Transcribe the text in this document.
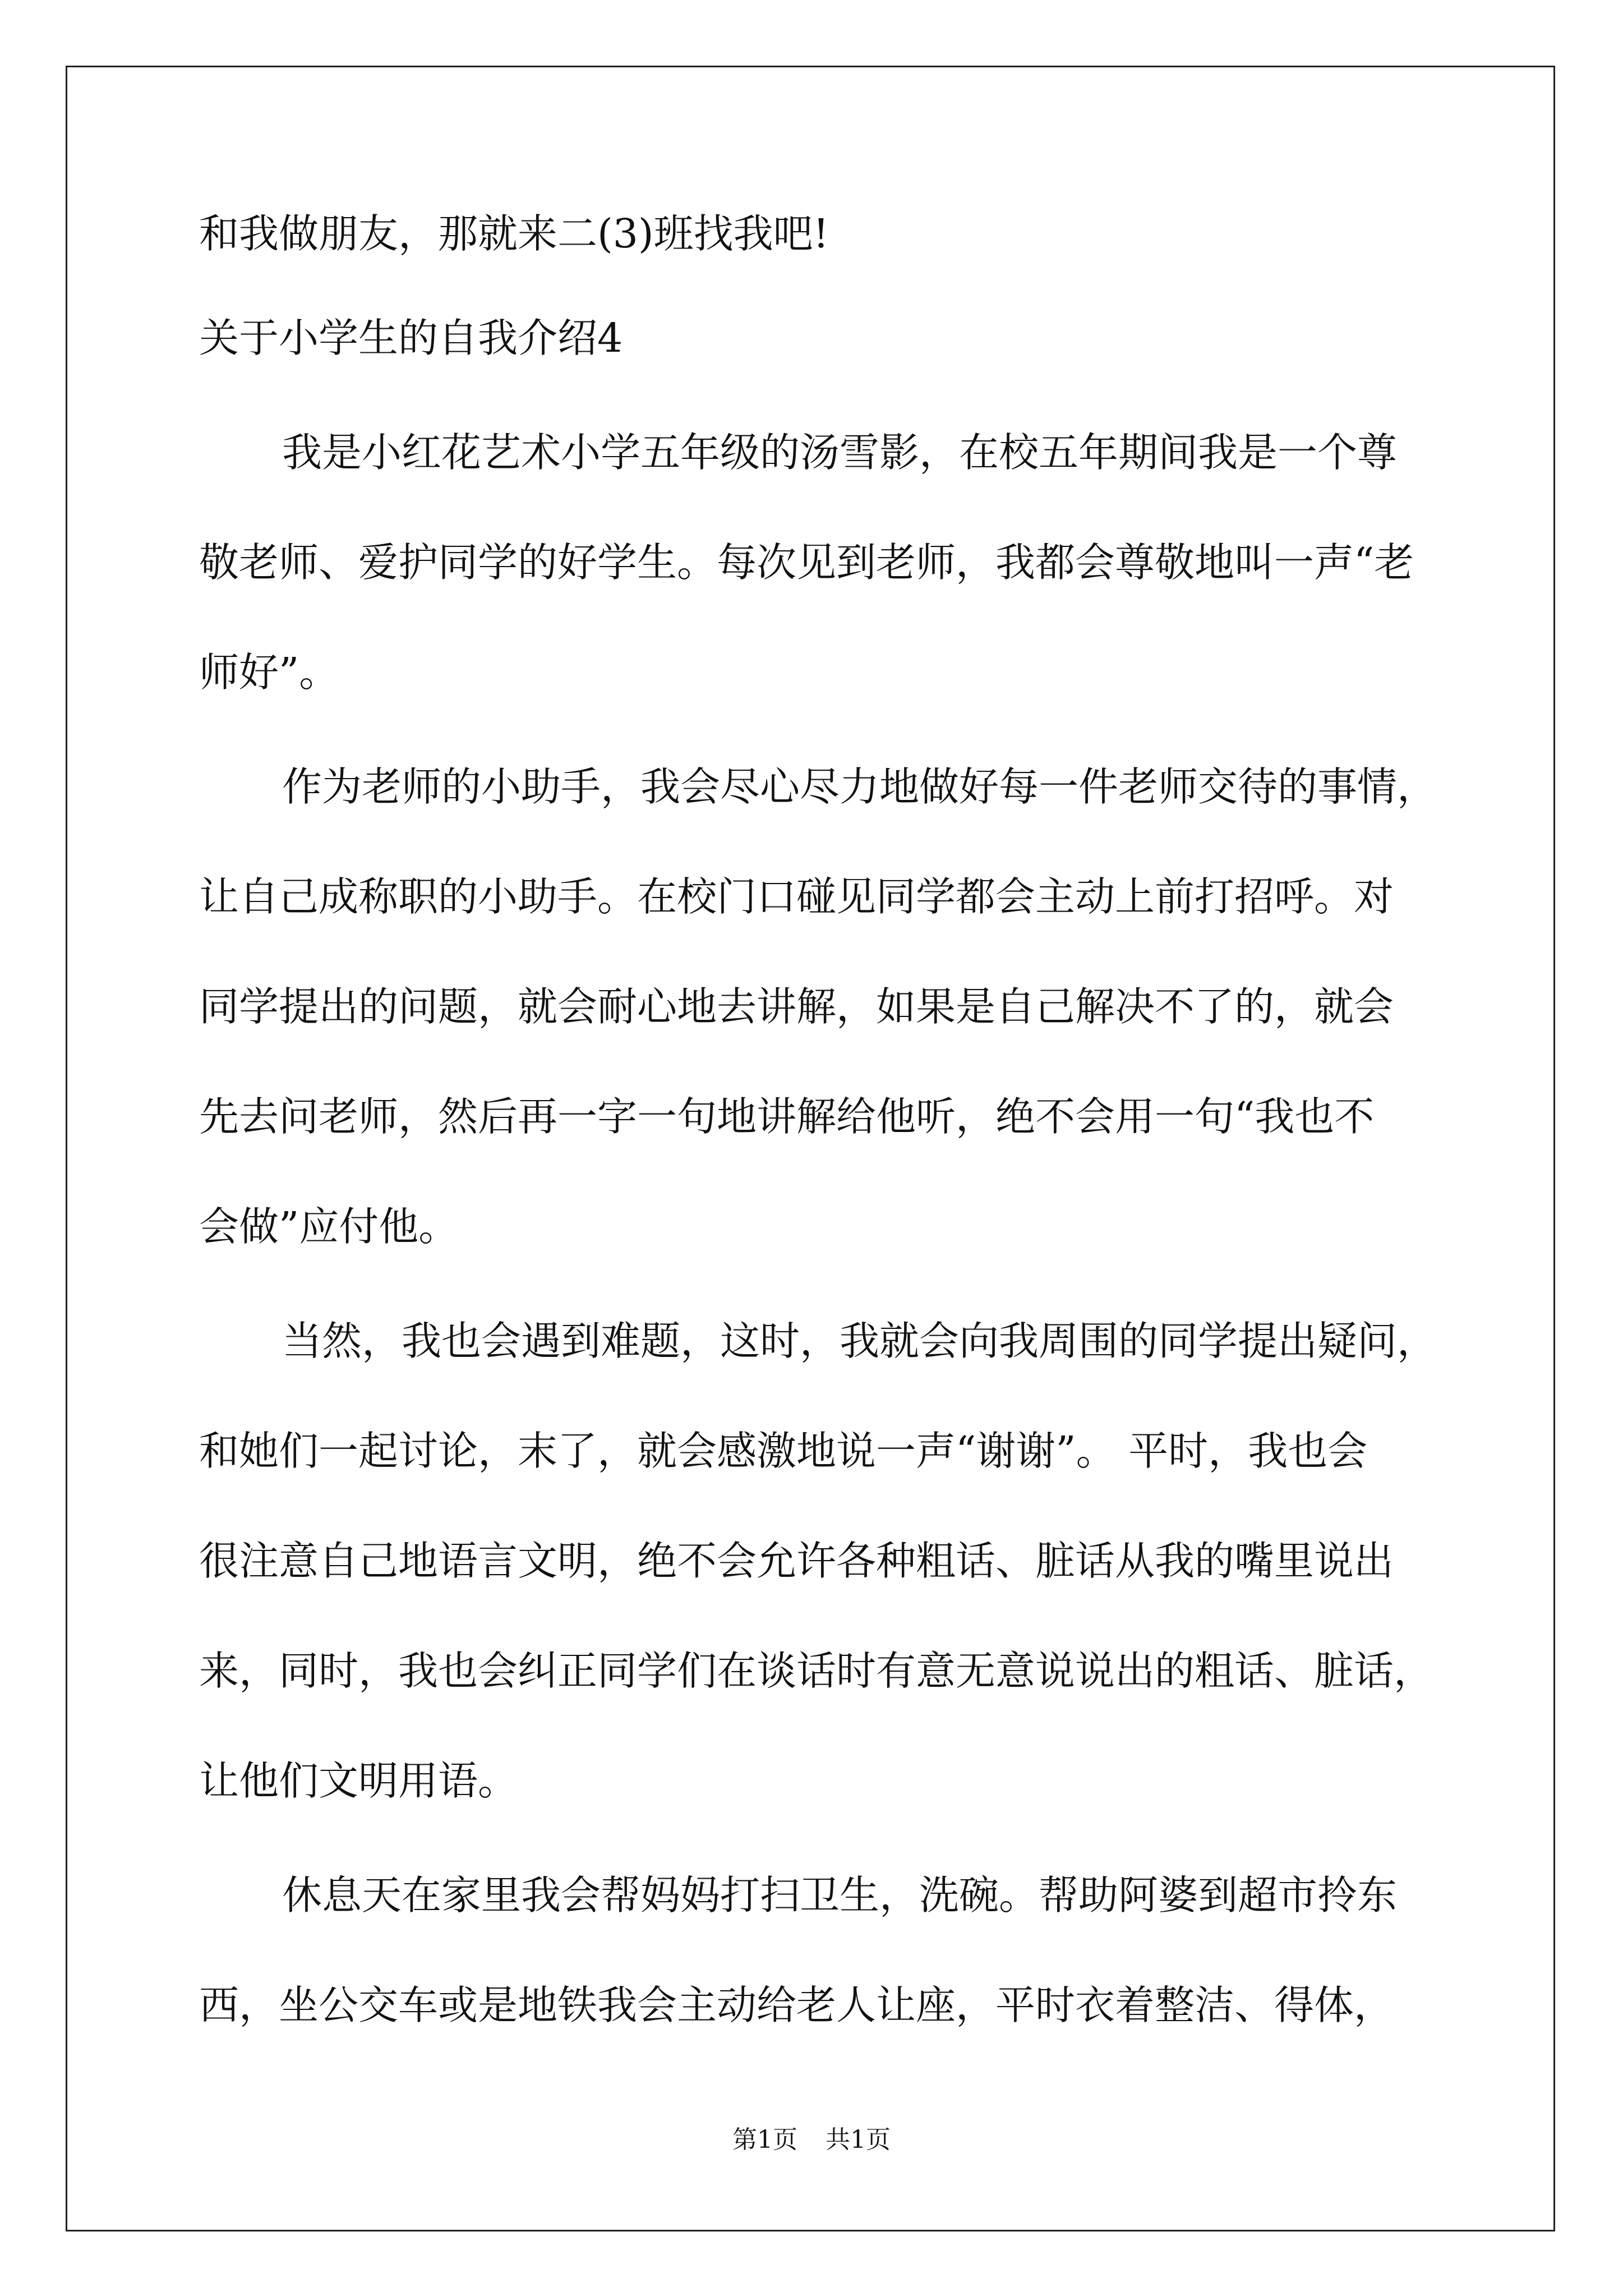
和我做朋友，那就来二(3)班找我吧!

关于小学生的自我介绍4

我是小红花艺术小学五年级的汤雪影，在校五年期间我是一个尊

敬老师、爱护同学的好学生。每次见到老师，我都会尊敬地叫一声“老

师好”。

作为老师的小助手，我会尽心尽力地做好每一件老师交待的事情，

让自己成称职的小助手。在校门口碰见同学都会主动上前打招呼。对

同学提出的问题，就会耐心地去讲解，如果是自己解决不了的，就会

先去问老师，然后再一字一句地讲解给他听，绝不会用一句“我也不

会做”应付他。

当然，我也会遇到难题，这时，我就会向我周围的同学提出疑问，

和她们一起讨论，末了，就会感激地说一声“谢谢”。 平时，我也会

很注意自己地语言文明，绝不会允许各种粗话、脏话从我的嘴里说出

来，同时，我也会纠正同学们在谈话时有意无意说说出的粗话、脏话，

让他们文明用语。

休息天在家里我会帮妈妈打扫卫生，洗碗。帮助阿婆到超市拎东

西，坐公交车或是地铁我会主动给老人让座，平时衣着整洁、得体，

第1页 共1页
